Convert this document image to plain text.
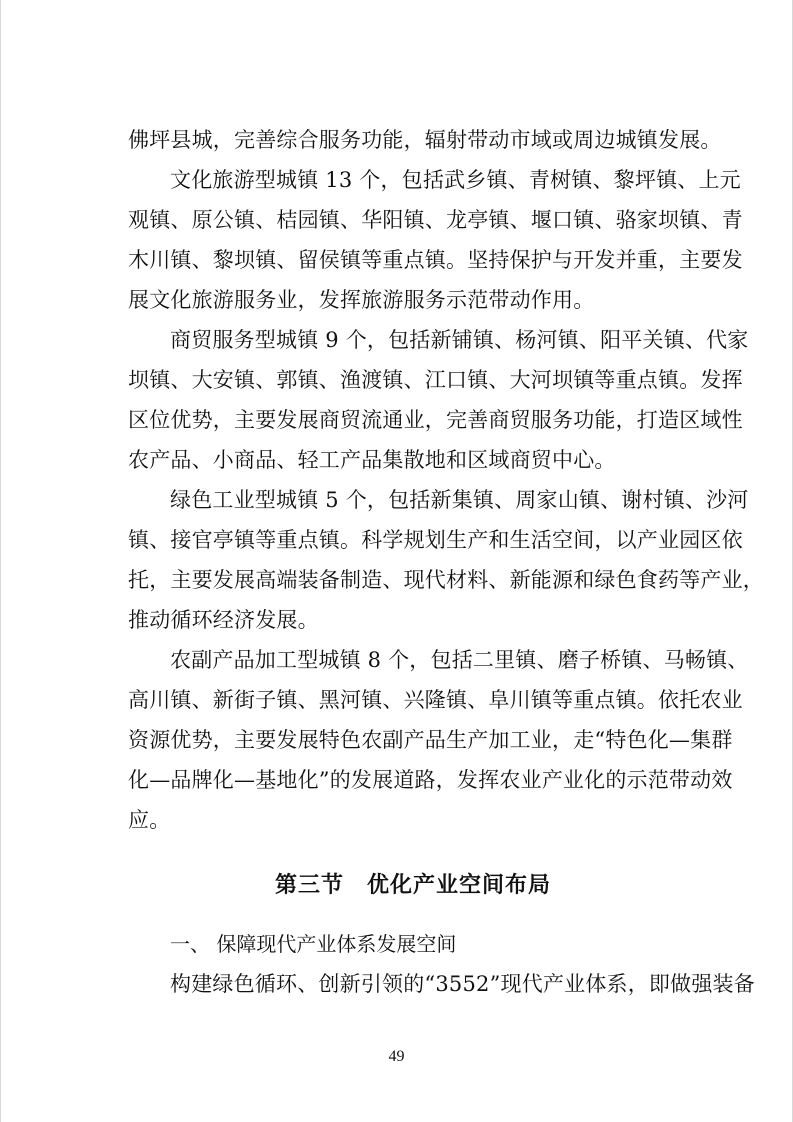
佛坪县城，完善综合服务功能，辐射带动市域或周边城镇发展。
文化旅游型城镇 13 个，包括武乡镇、青树镇、黎坪镇、上元
观镇、原公镇、桔园镇、华阳镇、龙亭镇、堰口镇、骆家坝镇、青
木川镇、黎坝镇、留侯镇等重点镇。坚持保护与开发并重，主要发
展文化旅游服务业，发挥旅游服务示范带动作用。
商贸服务型城镇 9 个，包括新铺镇、杨河镇、阳平关镇、代家
坝镇、大安镇、郭镇、渔渡镇、江口镇、大河坝镇等重点镇。发挥
区位优势，主要发展商贸流通业，完善商贸服务功能，打造区域性
农产品、小商品、轻工产品集散地和区域商贸中心。
绿色工业型城镇 5 个，包括新集镇、周家山镇、谢村镇、沙河
镇、接官亭镇等重点镇。科学规划生产和生活空间，以产业园区依
托，主要发展高端装备制造、现代材料、新能源和绿色食药等产业，
推动循环经济发展。
农副产品加工型城镇 8 个，包括二里镇、磨子桥镇、马畅镇、
高川镇、新街子镇、黑河镇、兴隆镇、阜川镇等重点镇。依托农业
资源优势，主要发展特色农副产品生产加工业，走“特色化—集群
化—品牌化—基地化”的发展道路，发挥农业产业化的示范带动效
应。
第三节　优化产业空间布局
一、 保障现代产业体系发展空间
构建绿色循环、创新引领的“3552”现代产业体系，即做强装备
49
